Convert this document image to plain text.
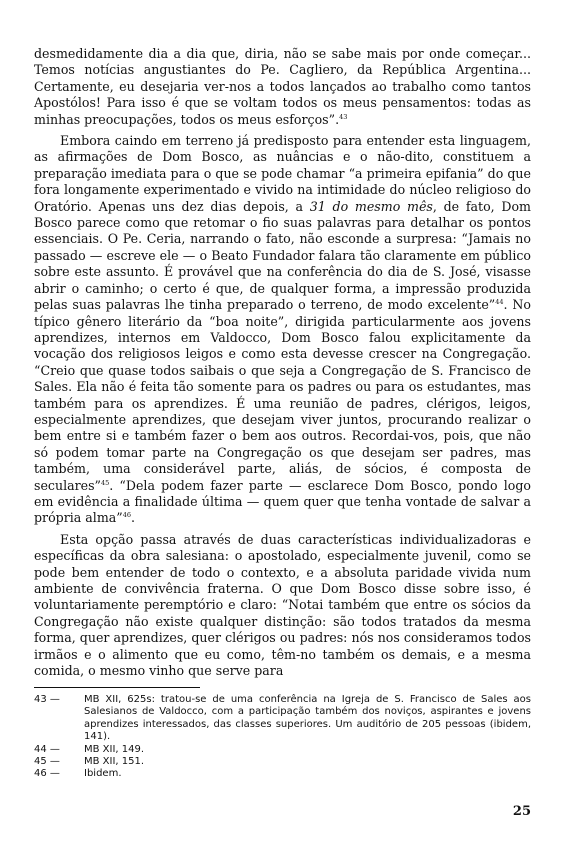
desmedidamente dia a dia que, diria, não se sabe mais por onde começar... Temos notícias angustiantes do Pe. Cagliero, da República Argentina... Certamente, eu desejaria ver-nos a todos lançados ao trabalho como tantos Apostólos! Para isso é que se voltam todos os meus pensamentos: todas as minhas preocupações, todos os meus esforços”.$^{43}$

Embora caindo em terreno já predisposto para entender esta linguagem, as afirmações de Dom Bosco, as nuâncias e o não-dito, constituem a preparação imediata para o que se pode chamar “a primeira epifania” do que fora longamente experimentado e vivido na intimidade do núcleo religioso do Oratório. Apenas uns dez dias depois, a 31 do mesmo mês, de fato, Dom Bosco parece como que retomar o fio suas palavras para detalhar os pontos essenciais. O Pe. Ceria, narrando o fato, não esconde a surpresa: “Jamais no passado — escreve ele — o Beato Fundador falara tão claramente em público sobre este assunto. É provável que na conferência do dia de S. José, visasse abrir o caminho; o certo é que, de qualquer forma, a impressão produzida pelas suas palavras lhe tinha preparado o terreno, de modo excelente”$^{44}$. No típico gênero literário da “boa noite”, dirigida particularmente aos jovens aprendizes, internos em Valdocco, Dom Bosco falou explicitamente da vocação dos religiosos leigos e como esta devesse crescer na Congregação. “Creio que quase todos saibais o que seja a Congregação de S. Francisco de Sales. Ela não é feita tão somente para os padres ou para os estudantes, mas também para os aprendizes. É uma reunião de padres, clérigos, leigos, especialmente aprendizes, que desejam viver juntos, procurando realizar o bem entre si e também fazer o bem aos outros. Recordai-vos, pois, que não só podem tomar parte na Congregação os que desejam ser padres, mas também, uma considerável parte, aliás, de sócios, é composta de seculares”$^{45}$. “Dela podem fazer parte — esclarece Dom Bosco, pondo logo em evidência a finalidade última — quem quer que tenha vontade de salvar a própria alma”$^{46}$.

Esta opção passa através de duas características individualizadoras e específicas da obra salesiana: o apostolado, especialmente juvenil, como se pode bem entender de todo o contexto, e a absoluta paridade vivida num ambiente de convivência fraterna. O que Dom Bosco disse sobre isso, é voluntariamente peremptório e claro: “Notai também que entre os sócios da Congregação não existe qualquer distinção: são todos tratados da mesma forma, quer aprendizes, quer clérigos ou padres: nós nos consideramos todos irmãos e o alimento que eu como, têm-no também os demais, e a mesma comida, o mesmo vinho que serve para

43 —	MB XII, 625s: tratou-se de uma conferência na Igreja de S. Francisco de Sales aos Salesianos de Valdocco, com a participação também dos noviços, aspirantes e jovens aprendizes interessados, das classes superiores. Um auditório de 205 pessoas (ibidem, 141).
44 —	MB XII, 149.
45 —	MB XII, 151.
46 —	Ibidem.
25
